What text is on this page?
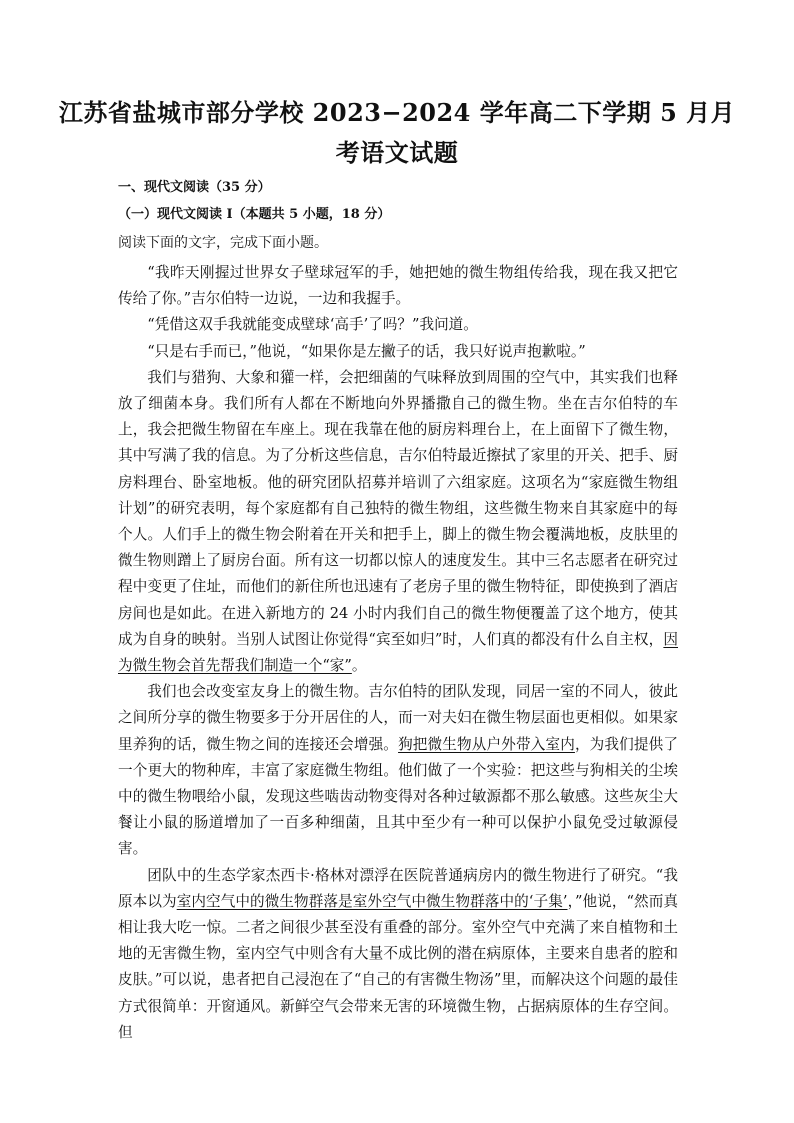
江苏省盐城市部分学校 2023−2024 学年高二下学期 5 月月
考语文试题
一、现代文阅读（35 分）
（一）现代文阅读 I（本题共 5 小题，18 分）
阅读下面的文字，完成下面小题。

“我昨天刚握过世界女子壁球冠军的手，她把她的微生物组传给我，现在我又把它传给了你。”吉尔伯特一边说，一边和我握手。

“凭借这双手我就能变成壁球‘高手’了吗？”我问道。

“只是右手而已，”他说，“如果你是左撇子的话，我只好说声抱歉啦。”

我们与猎狗、大象和獾一样，会把细菌的气味释放到周围的空气中，其实我们也释放了细菌本身。我们所有人都在不断地向外界播撒自己的微生物。坐在吉尔伯特的车上，我会把微生物留在车座上。现在我靠在他的厨房料理台上，在上面留下了微生物，其中写满了我的信息。为了分析这些信息，吉尔伯特最近擦拭了家里的开关、把手、厨房料理台、卧室地板。他的研究团队招募并培训了六组家庭。这项名为“家庭微生物组计划”的研究表明，每个家庭都有自己独特的微生物组，这些微生物来自其家庭中的每个人。人们手上的微生物会附着在开关和把手上，脚上的微生物会覆满地板，皮肤里的微生物则蹭上了厨房台面。所有这一切都以惊人的速度发生。其中三名志愿者在研究过程中变更了住址，而他们的新住所也迅速有了老房子里的微生物特征，即使换到了酒店房间也是如此。在进入新地方的 24 小时内我们自己的微生物便覆盖了这个地方，使其成为自身的映射。当别人试图让你觉得“宾至如归”时，人们真的都没有什么自主权，因为微生物会首先帮我们制造一个“家”。

我们也会改变室友身上的微生物。吉尔伯特的团队发现，同居一室的不同人，彼此之间所分享的微生物要多于分开居住的人，而一对夫妇在微生物层面也更相似。如果家里养狗的话，微生物之间的连接还会增强。狗把微生物从户外带入室内，为我们提供了一个更大的物种库，丰富了家庭微生物组。他们做了一个实验：把这些与狗相关的尘埃中的微生物喂给小鼠，发现这些啮齿动物变得对各种过敏源都不那么敏感。这些灰尘大餐让小鼠的肠道增加了一百多种细菌，且其中至少有一种可以保护小鼠免受过敏源侵害。

团队中的生态学家杰西卡·格林对漂浮在医院普通病房内的微生物进行了研究。“我原本以为室内空气中的微生物群落是室外空气中微生物群落中的‘子集’，”他说，“然而真相让我大吃一惊。二者之间很少甚至没有重叠的部分。室外空气中充满了来自植物和土地的无害微生物，室内空气中则含有大量不成比例的潜在病原体，主要来自患者的腔和皮肤。”可以说，患者把自己浸泡在了“自己的有害微生物汤”里，而解决这个问题的最佳方式很简单：开窗通风。新鲜空气会带来无害的环境微生物，占据病原体的生存空间。但
